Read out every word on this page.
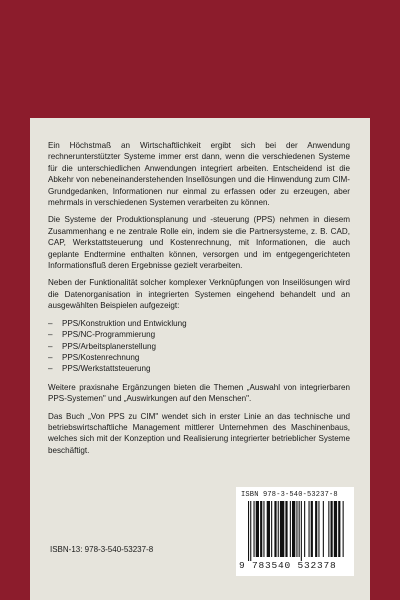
Ein Höchstmaß an Wirtschaftlichkeit ergibt sich bei der Anwendung rechnerunterstützter Systeme immer erst dann, wenn die verschiedenen Systeme für die unterschiedlichen Anwendungen integriert arbeiten. Entscheidend ist die Abkehr von nebeneinanderstehenden Insellösungen und die Hinwendung zum CIM-Grundgedanken, Informationen nur einmal zu erfassen oder zu erzeugen, aber mehrmals in verschiedenen Systemen verarbeiten zu können.

Die Systeme der Produktionsplanung und -steuerung (PPS) nehmen in diesem Zusammenhang e ne zentrale Rolle ein, indem sie die Partnersysteme, z. B. CAD, CAP, Werkstattsteuerung und Kostenrechnung, mit Informationen, die auch geplante Endtermine enthalten können, versorgen und im entgegengerichteten Informationsfluß deren Ergebnisse gezielt verarbeiten.

Neben der Funktionalität solcher komplexer Verknüpfungen von Inseilösungen wird die Datenorganisation in integrierten Systemen eingehend behandelt und an ausgewählten Beispielen aufgezeigt:

– PPS/Konstruktion und Entwicklung
– PPS/NC-Programmierung
– PPS/Arbeitsplanerstellung
– PPS/Kostenrechnung
– PPS/Werkstattsteuerung

Weitere praxisnahe Ergänzungen bieten die Themen „Auswahl von integrierbaren PPS-Systemen" und „Auswirkungen auf den Menschen".

Das Buch „Von PPS zu CIM" wendet sich in erster Linie an das technische und betriebswirtschaftliche Management mittlerer Unternehmen des Maschinenbaus, welches sich mit der Konzeption und Realisierung integrierter betrieblicher Systeme beschäftigt.

ISBN-13: 978-3-540-53237-8
ISBN 978-3-540-53237-8
9 783540 532378
